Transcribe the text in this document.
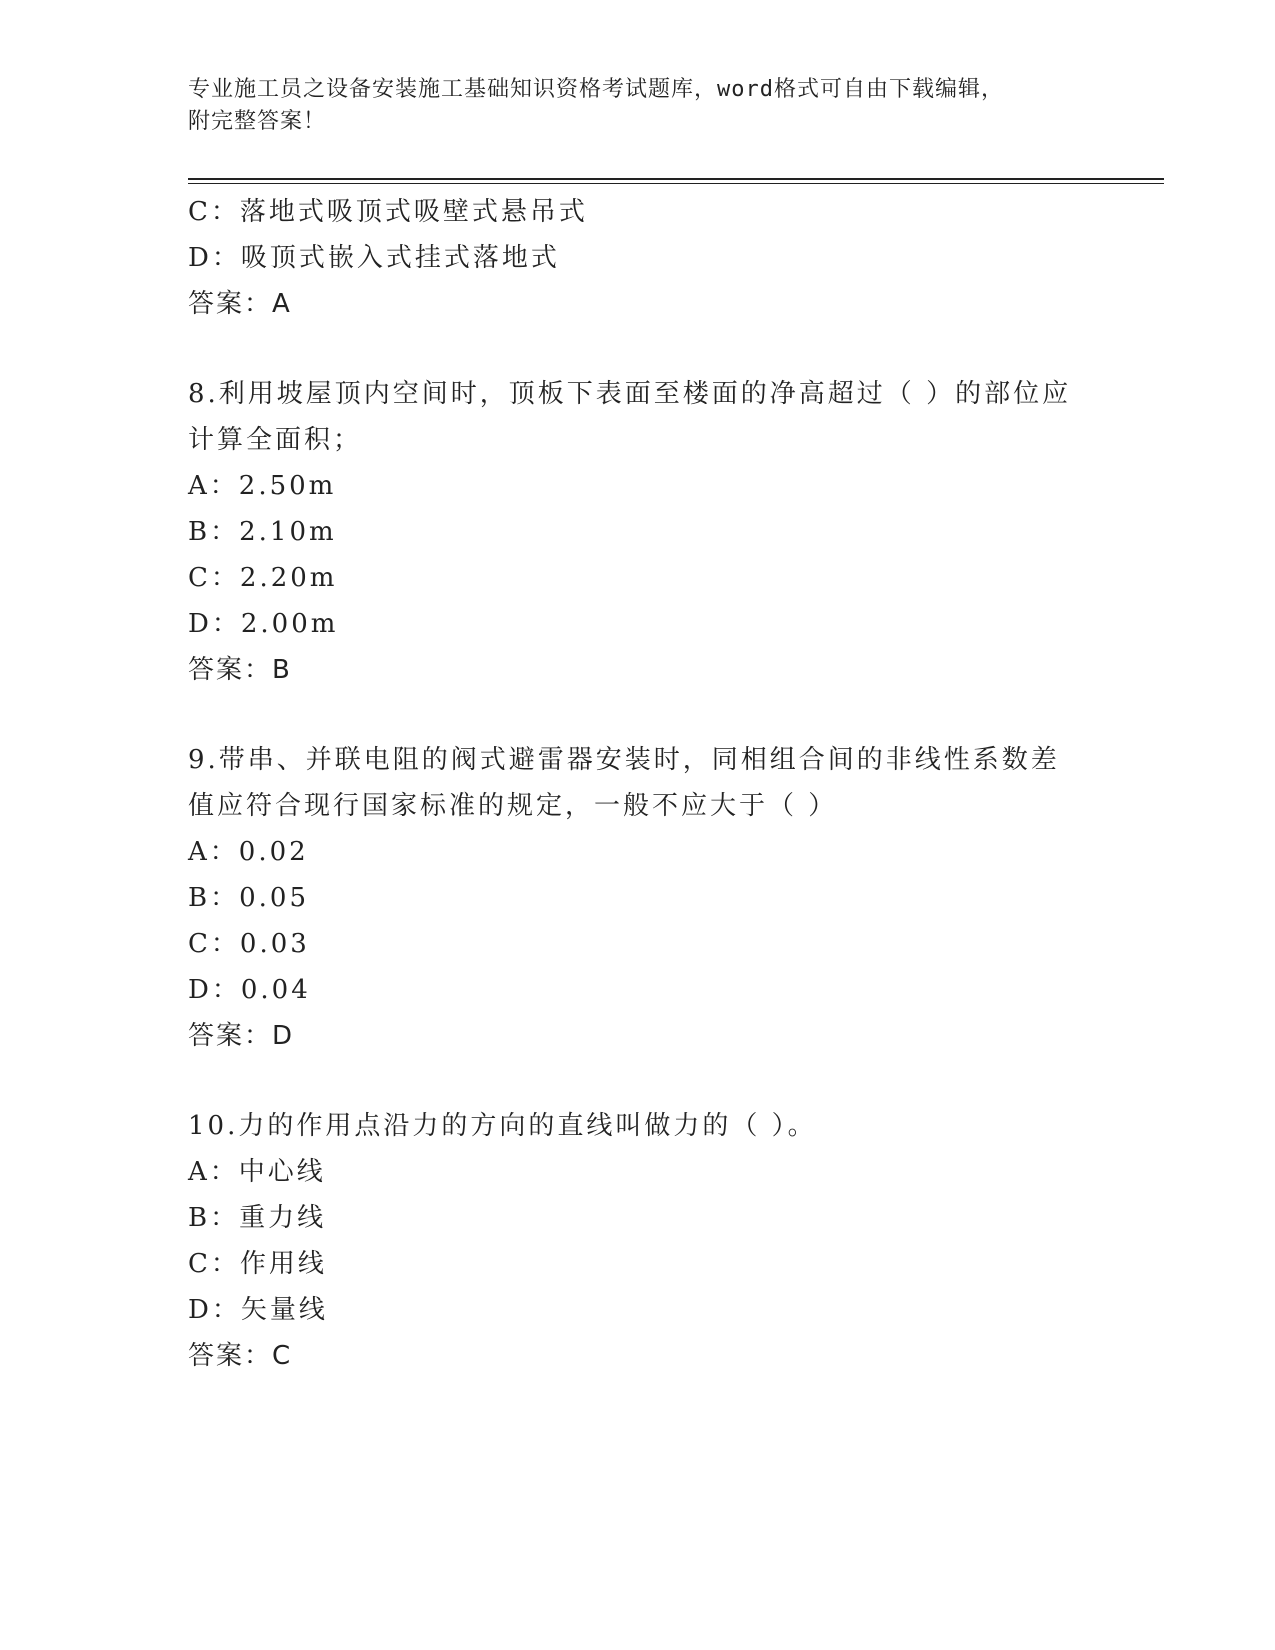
专业施工员之设备安装施工基础知识资格考试题库，word格式可自由下载编辑，
附完整答案！
C：落地式吸顶式吸壁式悬吊式
D：吸顶式嵌入式挂式落地式
答案：A
8.利用坡屋顶内空间时，顶板下表面至楼面的净高超过（ ）的部位应
计算全面积；
A：2.50m
B：2.10m
C：2.20m
D：2.00m
答案：B
9.带串、并联电阻的阀式避雷器安装时，同相组合间的非线性系数差
值应符合现行国家标准的规定，一般不应大于（ ）
A：0.02
B：0.05
C：0.03
D：0.04
答案：D
10.力的作用点沿力的方向的直线叫做力的（ ）。
A：中心线
B：重力线
C：作用线
D：矢量线
答案：C
